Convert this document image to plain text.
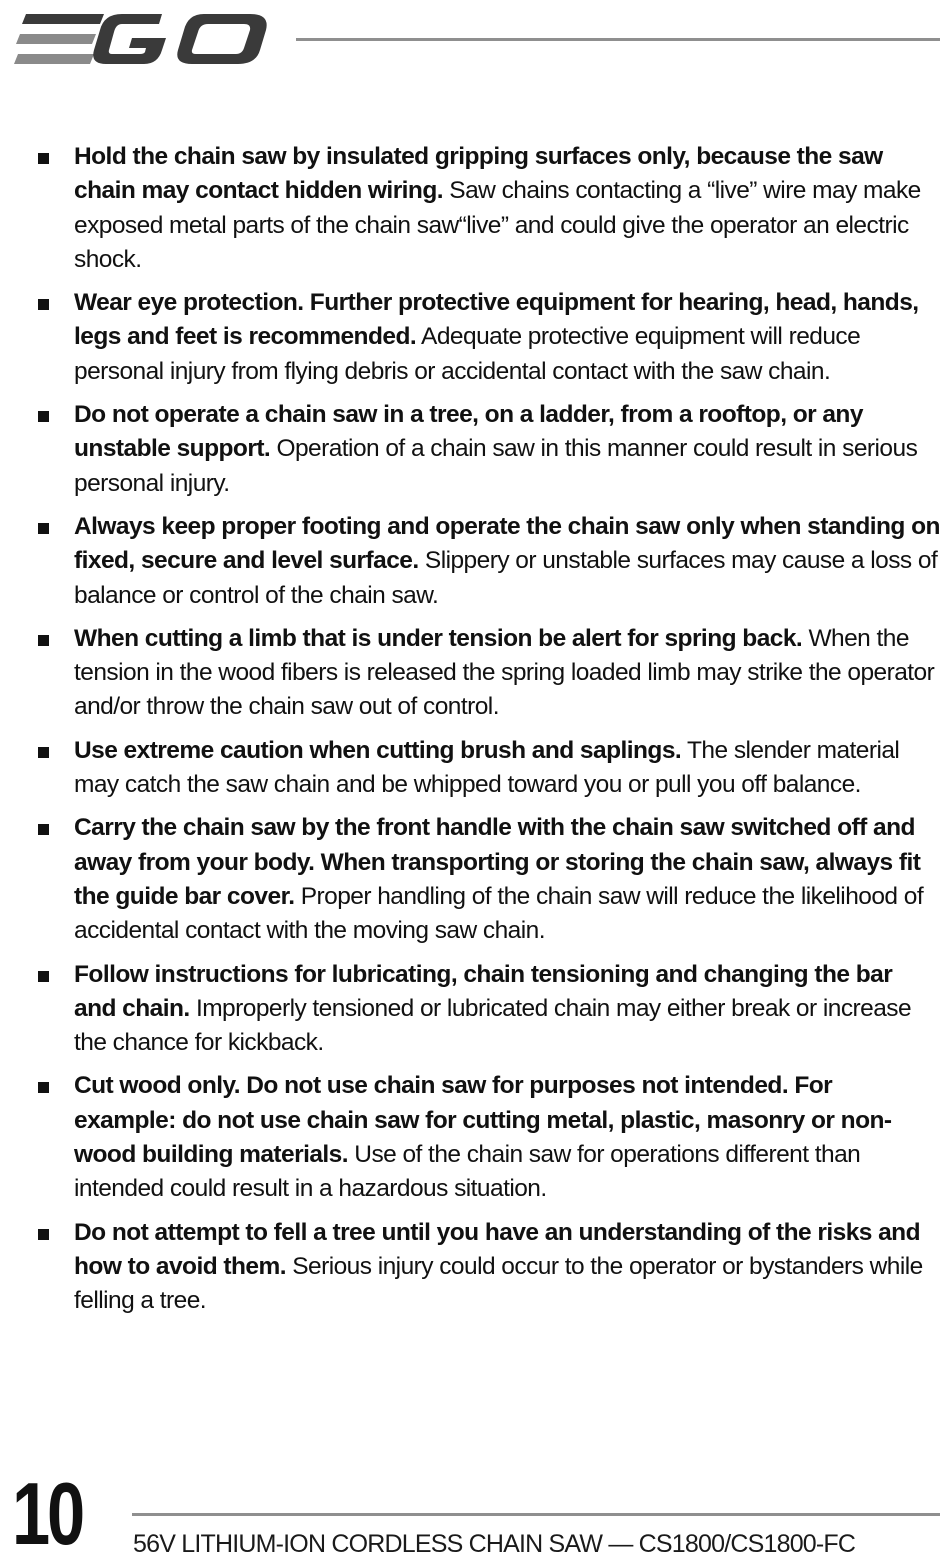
Hold the chain saw by insulated gripping surfaces only, because the saw chain may contact hidden wiring. Saw chains contacting a “live” wire may make exposed metal parts of the chain saw“live” and could give the operator an electric shock.
Wear eye protection. Further protective equipment for hearing, head, hands, legs and feet is recommended. Adequate protective equipment will reduce personal injury from flying debris or accidental contact with the saw chain.
Do not operate a chain saw in a tree, on a ladder, from a rooftop, or any unstable support. Operation of a chain saw in this manner could result in serious personal injury.
Always keep proper footing and operate the chain saw only when standing on fixed, secure and level surface. Slippery or unstable surfaces may cause a loss of balance or control of the chain saw.
When cutting a limb that is under tension be alert for spring back. When the tension in the wood fibers is released the spring loaded limb may strike the operator and/or throw the chain saw out of control.
Use extreme caution when cutting brush and saplings. The slender material may catch the saw chain and be whipped toward you or pull you off balance.
Carry the chain saw by the front handle with the chain saw switched off and away from your body. When transporting or storing the chain saw, always fit the guide bar cover. Proper handling of the chain saw will reduce the likelihood of accidental contact with the moving saw chain.
Follow instructions for lubricating, chain tensioning and changing the bar and chain. Improperly tensioned or lubricated chain may either break or increase the chance for kickback.
Cut wood only. Do not use chain saw for purposes not intended. For example: do not use chain saw for cutting metal, plastic, masonry or non-wood building materials. Use of the chain saw for operations different than intended could result in a hazardous situation.
Do not attempt to fell a tree until you have an understanding of the risks and how to avoid them. Serious injury could occur to the operator or bystanders while felling a tree.
10 56V LITHIUM-ION CORDLESS CHAIN SAW — CS1800/CS1800-FC
